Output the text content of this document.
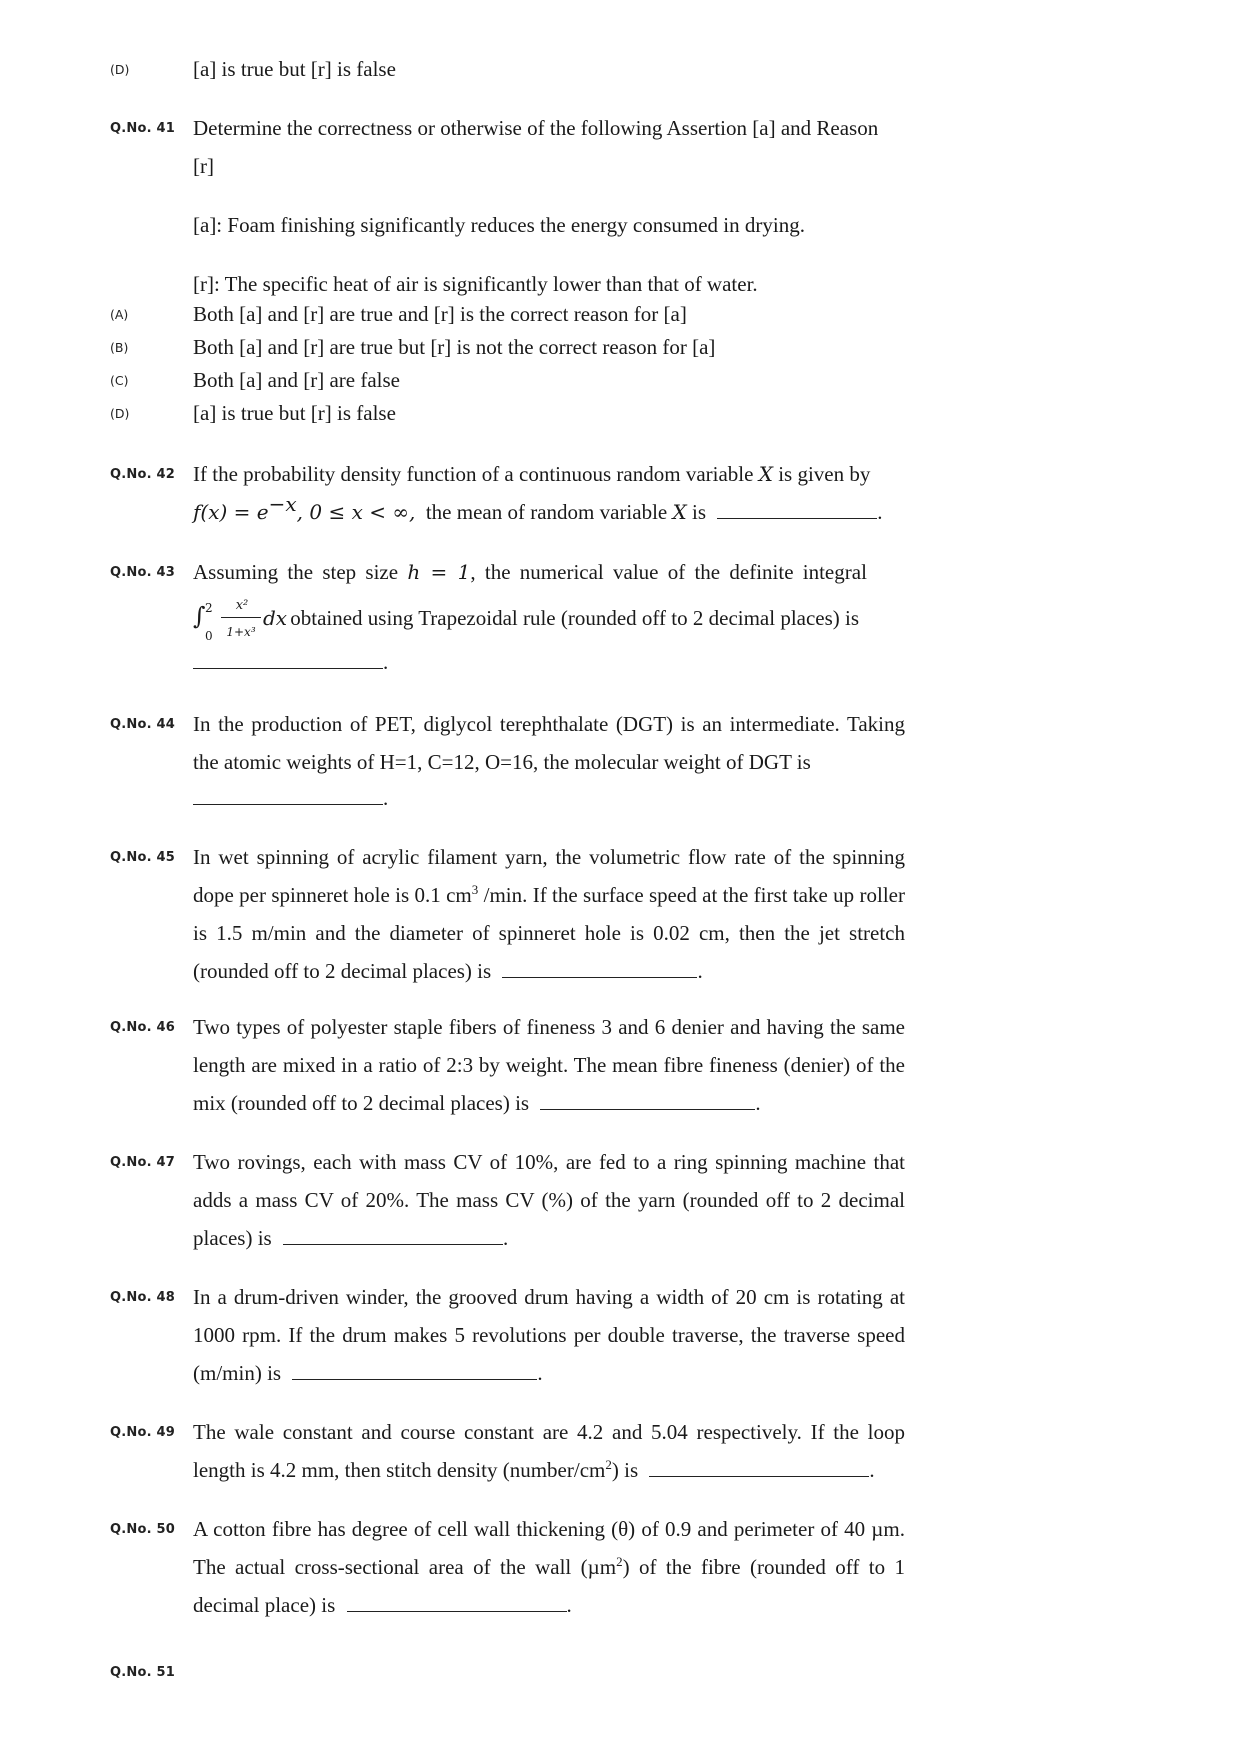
(D)	[a] is true but [r] is false
Q.No. 41 Determine the correctness or otherwise of the following Assertion [a] and Reason
[r]
[a]: Foam finishing significantly reduces the energy consumed in drying.
[r]: The specific heat of air is significantly lower than that of water.
(A)	Both [a] and [r] are true and [r] is the correct reason for [a]
(B)	Both [a] and [r] are true but [r] is not the correct reason for [a]
(C)	Both [a] and [r] are false
(D)	[a] is true but [r] is false
Q.No. 42 If the probability density function of a continuous random variable X is given by
$f(x) = e^{-x}$, 0 ≤ x < ∞, the mean of random variable X is	.
Q.No. 43 Assuming the step size h = 1, the numerical value of the definite integral
∫ 2
0
x²
1+x³
dx obtained using Trapezoidal rule (rounded off to 2 decimal places) is
.
Q.No. 44 In the production of PET, diglycol terephthalate (DGT) is an intermediate. Taking the atomic weights of H=1, C=12, O=16, the molecular weight of DGT is
.
Q.No. 45 In wet spinning of acrylic filament yarn, the volumetric flow rate of the spinning dope per spinneret hole is 0.1 $cm^3$ /min. If the surface speed at the first take up roller is 1.5 m/min and the diameter of spinneret hole is 0.02 cm, then the jet stretch (rounded off to 2 decimal places) is	.
Q.No. 46 Two types of polyester staple fibers of fineness 3 and 6 denier and having the same length are mixed in a ratio of 2:3 by weight. The mean fibre fineness (denier) of the mix (rounded off to 2 decimal places) is	.
Q.No. 47 Two rovings, each with mass CV of 10%, are fed to a ring spinning machine that adds a mass CV of 20%. The mass CV (%) of the yarn (rounded off to 2 decimal places) is	.
Q.No. 48 In a drum-driven winder, the grooved drum having a width of 20 cm is rotating at 1000 rpm. If the drum makes 5 revolutions per double traverse, the traverse speed (m/min) is	.
Q.No. 49 The wale constant and course constant are 4.2 and 5.04 respectively. If the loop length is 4.2 mm, then stitch density $(number/cm^2)$ is	.
Q.No. 50 A cotton fibre has degree of cell wall thickening (θ) of 0.9 and perimeter of 40 µm. The actual cross-sectional area of the wall (µm$^2$) of the fibre (rounded off to 1 decimal place) is	.
Q.No. 51
